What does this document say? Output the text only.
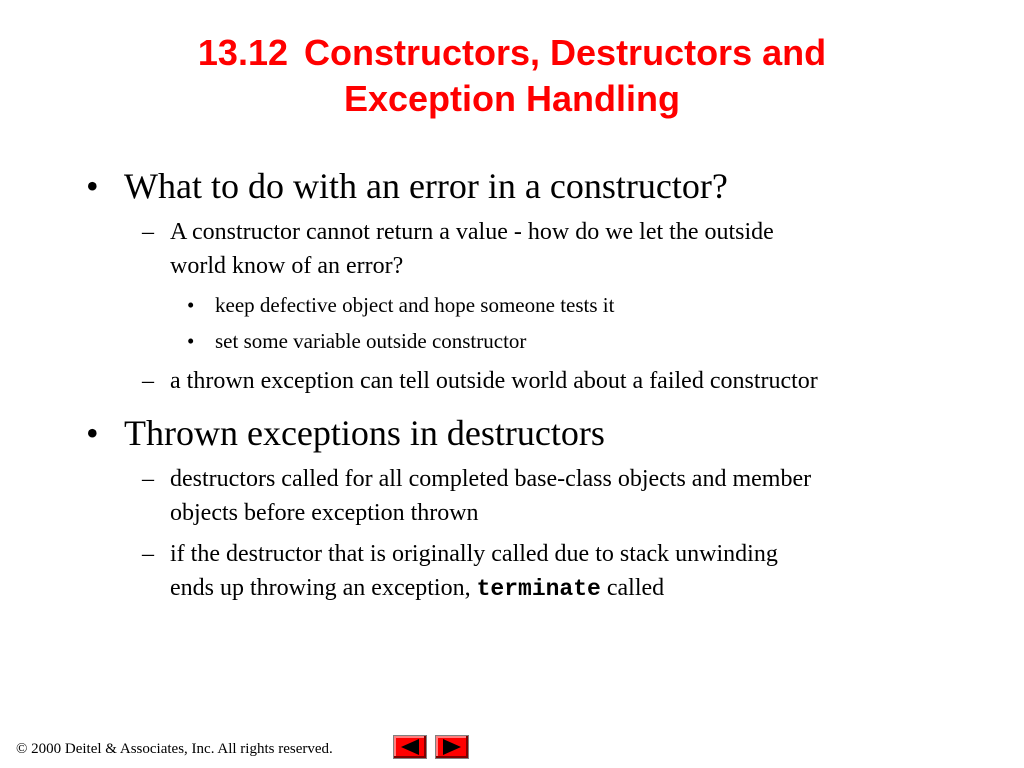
13.12 Constructors, Destructors and
Exception Handling
• What to do with an error in a constructor?
– A constructor cannot return a value - how do we let the outside
world know of an error?
• keep defective object and hope someone tests it
• set some variable outside constructor
– a thrown exception can tell outside world about a failed constructor
• Thrown exceptions in destructors
– destructors called for all completed base-class objects and member
objects before exception thrown
– if the destructor that is originally called due to stack unwinding
ends up throwing an exception, terminate called
© 2000 Deitel & Associates, Inc. All rights reserved.
